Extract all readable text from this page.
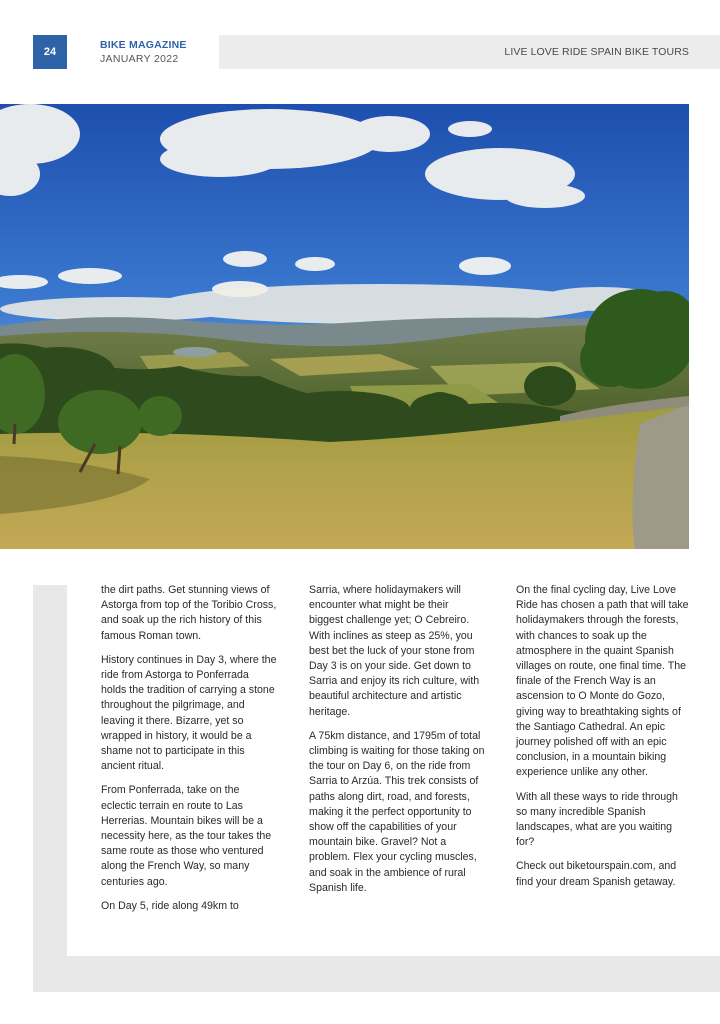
24
BIKE MAGAZINE
JANUARY 2022
LIVE LOVE RIDE SPAIN BIKE TOURS

the dirt paths. Get stunning views of Astorga from top of the Toribio Cross, and soak up the rich history of this famous Roman town.

History continues in Day 3, where the ride from Astorga to Ponferrada holds the tradition of carrying a stone throughout the pilgrimage, and leaving it there. Bizarre, yet so wrapped in history, it would be a shame not to participate in this ancient ritual.

From Ponferrada, take on the eclectic terrain en route to Las Herrerias. Mountain bikes will be a necessity here, as the tour takes the same route as those who ventured along the French Way, so many centuries ago.

On Day 5, ride along 49km to

Sarria, where holidaymakers will encounter what might be their biggest challenge yet; O Cebreiro. With inclines as steep as 25%, you best bet the luck of your stone from Day 3 is on your side. Get down to Sarria and enjoy its rich culture, with beautiful architecture and artistic heritage.

A 75km distance, and 1795m of total climbing is waiting for those taking on the tour on Day 6, on the ride from Sarria to Arzúa. This trek consists of paths along dirt, road, and forests, making it the perfect opportunity to show off the capabilities of your mountain bike. Gravel? Not a problem. Flex your cycling muscles, and soak in the ambience of rural Spanish life.

On the final cycling day, Live Love Ride has chosen a path that will take holidaymakers through the forests, with chances to soak up the atmosphere in the quaint Spanish villages on route, one final time. The finale of the French Way is an ascension to O Monte do Gozo, giving way to breathtaking sights of the Santiago Cathedral. An epic journey polished off with an epic conclusion, in a mountain biking experience unlike any other.

With all these ways to ride through so many incredible Spanish landscapes, what are you waiting for?

Check out biketourspain.com, and find your dream Spanish getaway.
